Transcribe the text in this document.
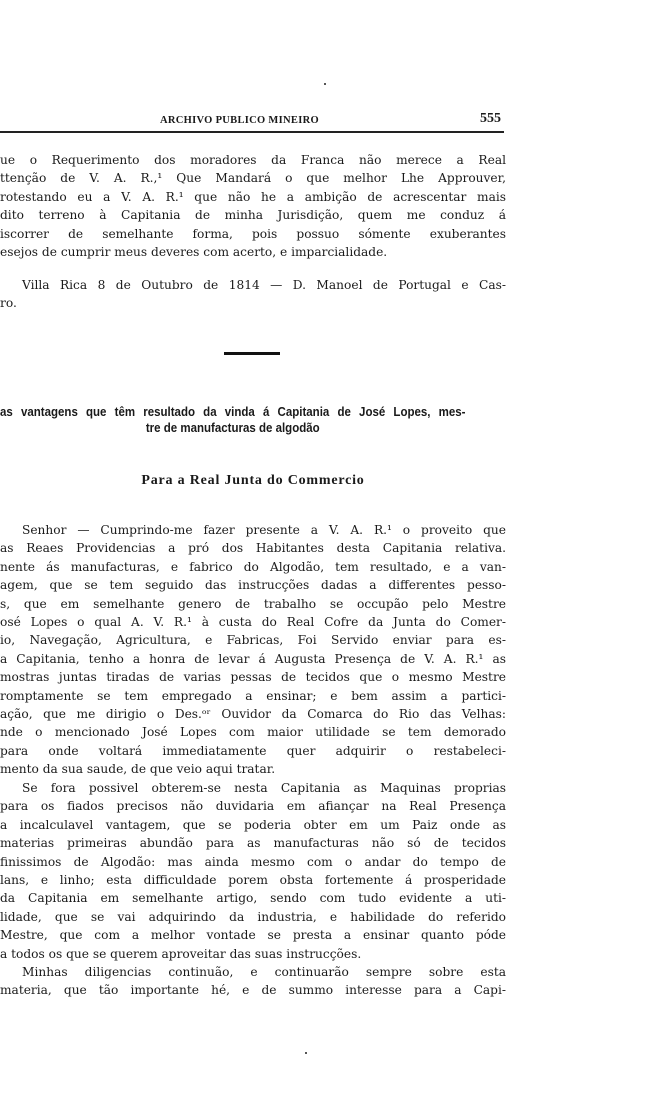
ARCHIVO PUBLICO MINEIRO	555
ue o Requerimento dos moradores da Franca não merece a Real
ttenção de V. A. R.,¹ Que Mandará o que melhor Lhe Approuver,
rotestando eu a V. A. R.¹ que não he a ambição de acrescentar mais
dito terreno à Capitania de minha Jurisdição, quem me conduz á
iscorrer de semelhante forma, pois possuo sómente exuberantes
esejos de cumprir meus deveres com acerto, e imparcialidade.
Villa Rica 8 de Outubro de 1814 — D. Manoel de Portugal e Cas-
ro.
as vantagens que têm resultado da vinda á Capitania de José Lopes, mes-
tre de manufacturas de algodão
Para a Real Junta do Commercio
Senhor — Cumprindo-me fazer presente a V. A. R.¹ o proveito que
as Reaes Providencias a pró dos Habitantes desta Capitania relativa.
nente ás manufacturas, e fabrico do Algodão, tem resultado, e a van-
agem, que se tem seguido das instrucções dadas a differentes pesso-
s, que em semelhante genero de trabalho se occupão pelo Mestre
osé Lopes o qual A. V. R.¹ à custa do Real Cofre da Junta do Comer-
io, Navegação, Agricultura, e Fabricas, Foi Servido enviar para es-
a Capitania, tenho a honra de levar á Augusta Presença de V. A. R.¹ as
mostras juntas tiradas de varias pessas de tecidos que o mesmo Mestre
romptamente se tem empregado a ensinar; e bem assim a partici-
ação, que me dirigio o Des.ᵒʳ Ouvidor da Comarca do Rio das Velhas:
nde o mencionado José Lopes com maior utilidade se tem demorado
para onde voltará immediatamente quer adquirir o restabeleci-
mento da sua saude, de que veio aqui tratar.
Se fora possivel obterem-se nesta Capitania as Maquinas proprias
para os fiados precisos não duvidaria em afiançar na Real Presença
a incalculavel vantagem, que se poderia obter em um Paiz onde as
materias primeiras abundão para as manufacturas não só de tecidos
finissimos de Algodão: mas ainda mesmo com o andar do tempo de
lans, e linho; esta difficuldade porem obsta fortemente á prosperidade
da Capitania em semelhante artigo, sendo com tudo evidente a uti-
lidade, que se vai adquirindo da industria, e habilidade do referido
Mestre, que com a melhor vontade se presta a ensinar quanto póde
a todos os que se querem aproveitar das suas instrucções.
Minhas diligencias continuão, e continuarão sempre sobre esta
materia, que tão importante hé, e de summo interesse para a Capi-
